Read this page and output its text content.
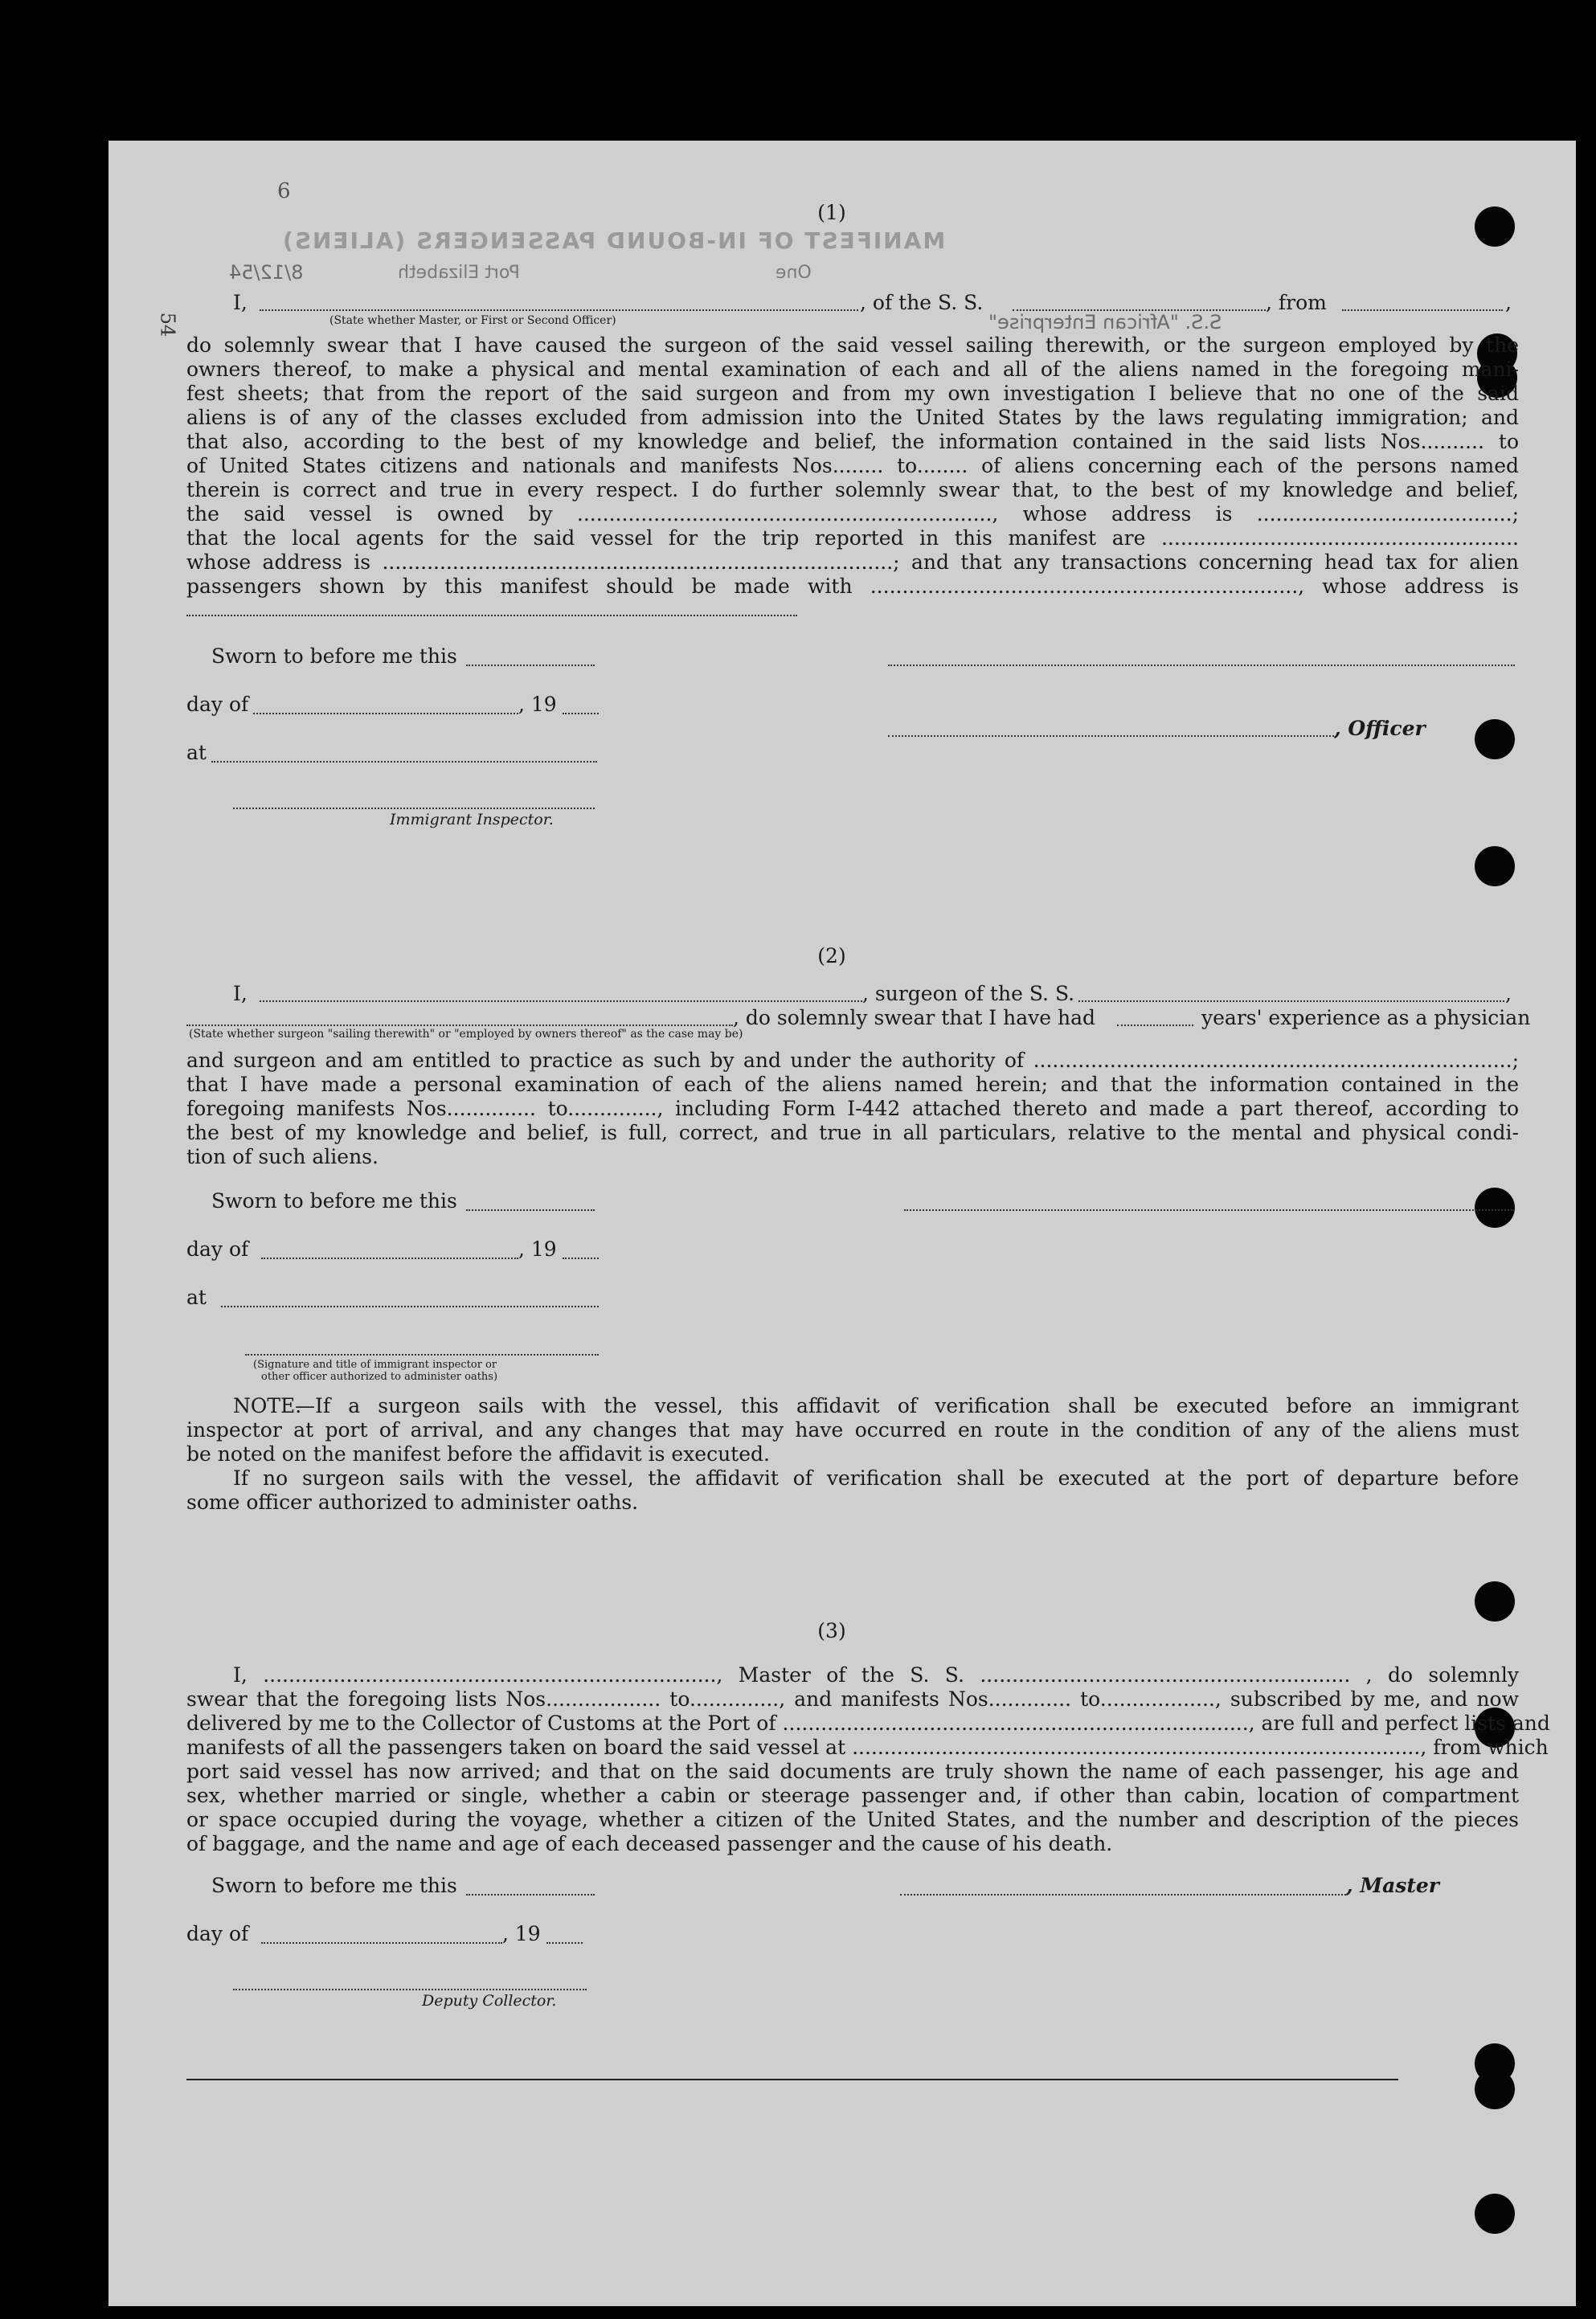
6
MANIFEST OF IN-BOUND PASSENGERS (ALIENS)
Port Elizabeth
8/12/54
S.S. "African Enterprise"
One
54
(1)
I,	, of the S. S.	, from	,
(State whether Master, or First or Second Officer)
do solemnly swear that I have caused the surgeon of the said vessel sailing therewith, or the surgeon employed by the
owners thereof, to make a physical and mental examination of each and all of the aliens named in the foregoing mani-
fest sheets; that from the report of the said surgeon and from my own investigation I believe that no one of the said
aliens is of any of the classes excluded from admission into the United States by the laws regulating immigration; and
that also, according to the best of my knowledge and belief, the information contained in the said lists Nos.......... to
of United States citizens and nationals and manifests Nos........ to........ of aliens concerning each of the persons named
therein is correct and true in every respect. I do further solemnly swear that, to the best of my knowledge and belief,
the said vessel is owned by ................................................................., whose address is ........................................;
that the local agents for the said vessel for the trip reported in this manifest are ........................................................
whose address is ................................................................................; and that any transactions concerning head tax for alien
passengers shown by this manifest should be made with ..................................................................., whose address is
Sworn to before me this
day of	, 19
, Officer
at
Immigrant Inspector.
(2)
I,	, surgeon of the S. S.	,
, do solemnly swear that I have had	years' experience as a physician
(State whether surgeon "sailing therewith" or "employed by owners thereof" as the case may be)
and surgeon and am entitled to practice as such by and under the authority of ...........................................................................;
that I have made a personal examination of each of the aliens named herein; and that the information contained in the
foregoing manifests Nos.............. to.............., including Form I-442 attached thereto and made a part thereof, according to
the best of my knowledge and belief, is full, correct, and true in all particulars, relative to the mental and physical condi-
tion of such aliens.
Sworn to before me this
day of	, 19
at
(Signature and title of immigrant inspector or
other officer authorized to administer oaths)
NOTE.
—If a surgeon sails with the vessel, this affidavit of verification shall be executed before an immigrant
inspector at port of arrival, and any changes that may have occurred en route in the condition of any of the aliens must
be noted on the manifest before the affidavit is executed.
If no surgeon sails with the vessel, the affidavit of verification shall be executed at the port of departure before
some officer authorized to administer oaths.
(3)
I, ......................................................................., Master of the S. S. .......................................................... , do solemnly
swear that the foregoing lists Nos.................. to.............., and manifests Nos............. to.................., subscribed by me, and now
delivered by me to the Collector of Customs at the Port of ........................................................................., are full and perfect lists and
manifests of all the passengers taken on board the said vessel at ........................................................................................., from which
port said vessel has now arrived; and that on the said documents are truly shown the name of each passenger, his age and
sex, whether married or single, whether a cabin or steerage passenger and, if other than cabin, location of compartment
or space occupied during the voyage, whether a citizen of the United States, and the number and description of the pieces
of baggage, and the name and age of each deceased passenger and the cause of his death.
Sworn to before me this	, Master
day of	, 19
Deputy Collector.
